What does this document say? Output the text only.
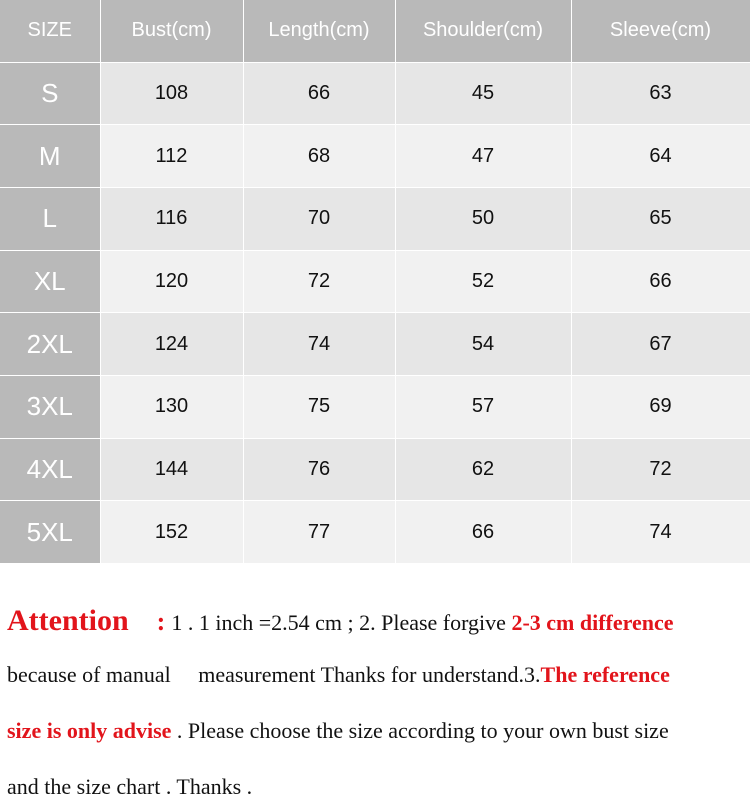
SIZE	Bust(cm)	Length(cm)	Shoulder(cm)	Sleeve(cm)
S	108	66	45	63
M	112	68	47	64
L	116	70	50	65
XL	120	72	52	66
2XL	124	74	54	67
3XL	130	75	57	69
4XL	144	76	62	72
5XL	152	77	66	74
Attention : 1 . 1 inch =2.54 cm ; 2. Please forgive 2-3 cm difference
because of manual     measurement Thanks for understand.3.The reference
size is only advise . Please choose the size according to your own bust size
and the size chart . Thanks .
